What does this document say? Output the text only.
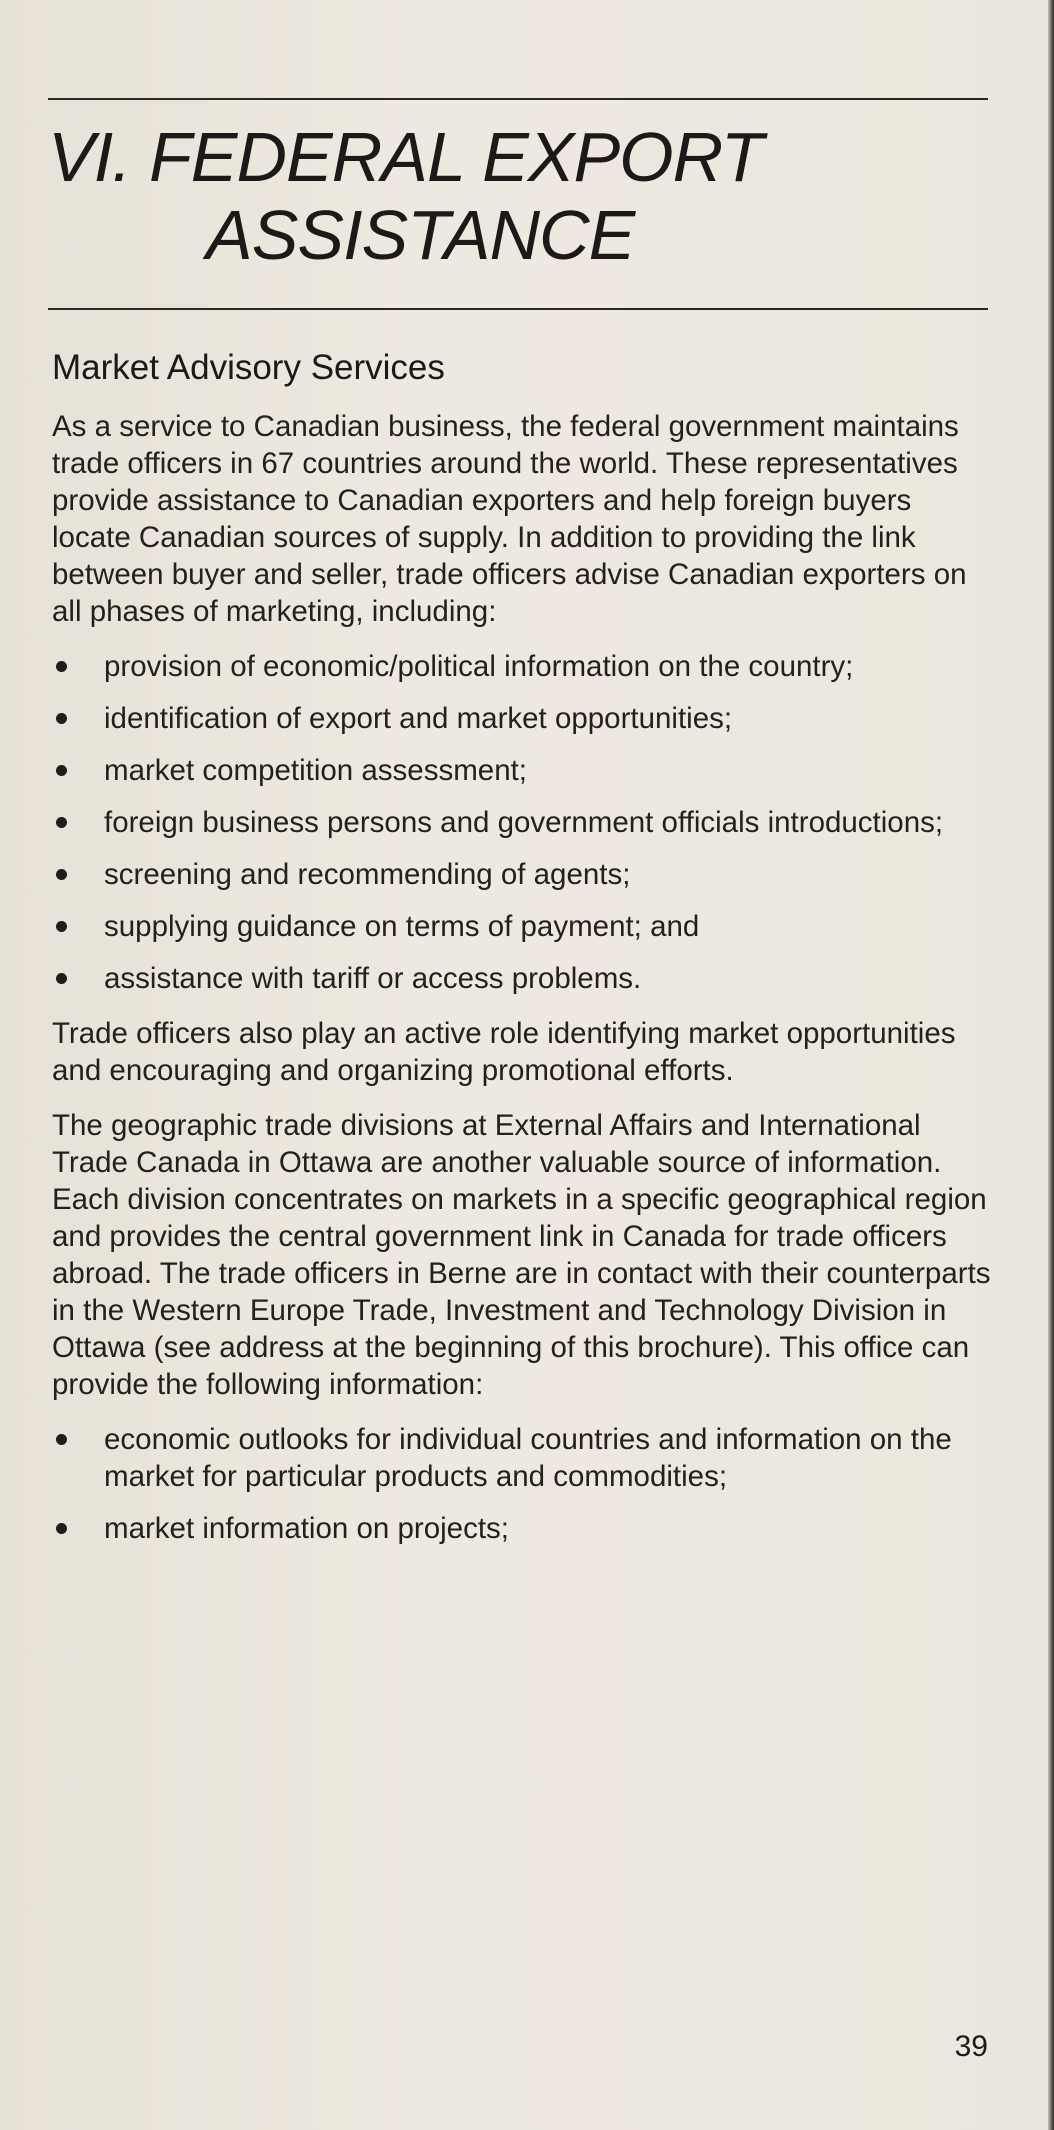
VI. FEDERAL EXPORT
ASSISTANCE
Market Advisory Services

As a service to Canadian business, the federal government maintains trade officers in 67 countries around the world. These representatives provide assistance to Canadian exporters and help foreign buyers locate Canadian sources of supply. In addition to providing the link between buyer and seller, trade officers advise Canadian exporters on all phases of marketing, including:

provision of economic/political information on the country;
identification of export and market opportunities;
market competition assessment;
foreign business persons and government officials introductions;
screening and recommending of agents;
supplying guidance on terms of payment; and
assistance with tariff or access problems.

Trade officers also play an active role identifying market opportunities and encouraging and organizing promotional efforts.

The geographic trade divisions at External Affairs and International Trade Canada in Ottawa are another valuable source of information. Each division concentrates on markets in a specific geographical region and provides the central government link in Canada for trade officers abroad. The trade officers in Berne are in contact with their counterparts in the Western Europe Trade, Investment and Technology Division in Ottawa (see address at the beginning of this brochure). This office can provide the following information:

economic outlooks for individual countries and information on the market for particular products and commodities;
market information on projects;
39
